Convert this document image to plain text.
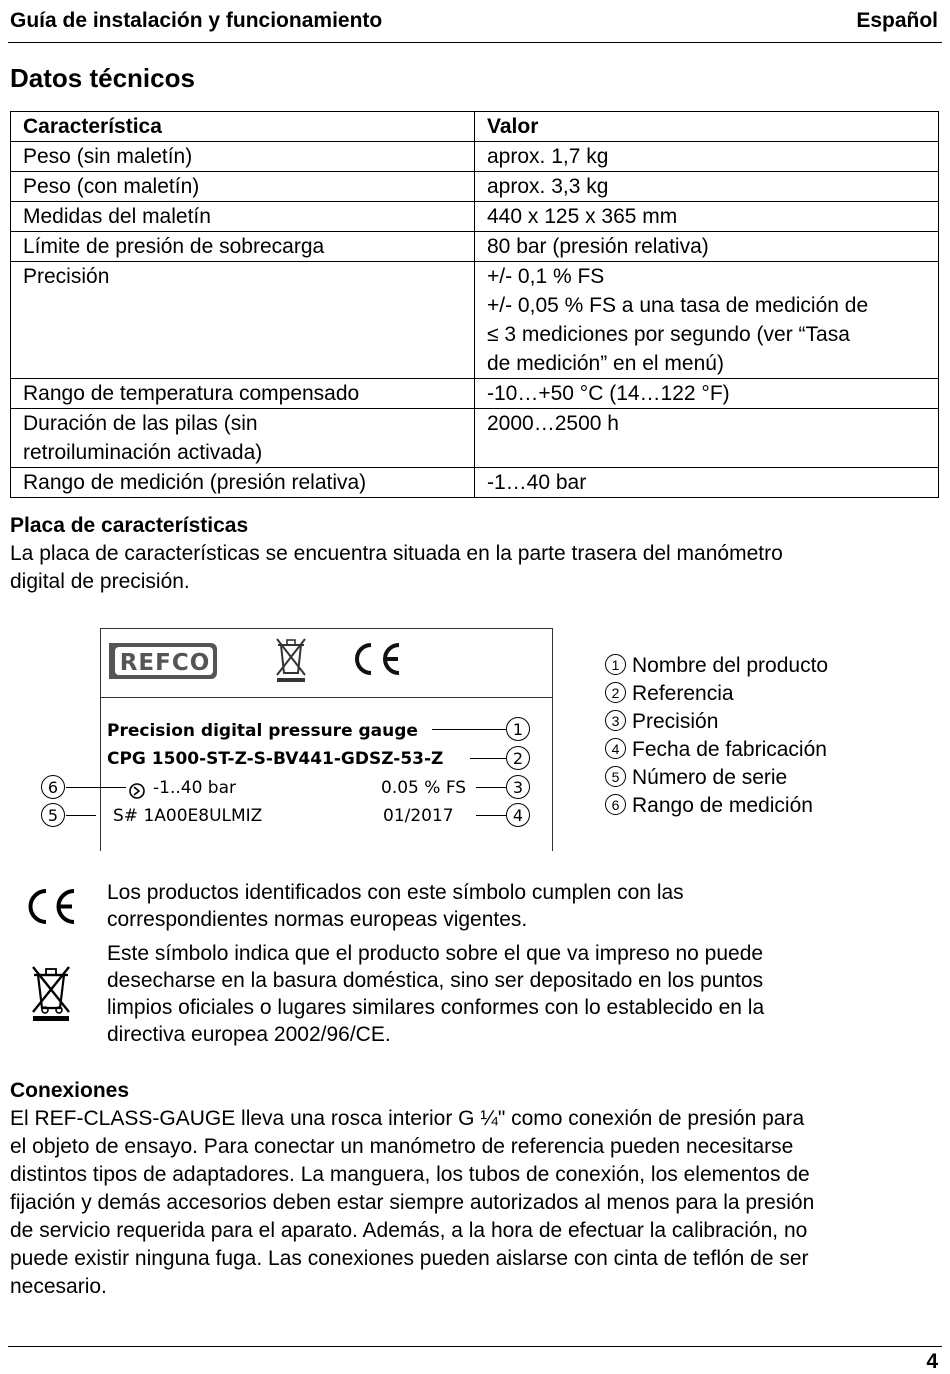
Guía de instalación y funcionamiento	Español
Datos técnicos
Característica	Valor

Peso (sin maletín)	aprox. 1,7 kg

Peso (con maletín)	aprox. 3,3 kg

Medidas del maletín	440 x 125 x 365 mm

Límite de presión de sobrecarga	80 bar (presión relativa)

Precisión	+/- 0,1 % FS
+/- 0,05 % FS a una tasa de medición de
≤ 3 mediciones por segundo (ver “Tasa
de medición” en el menú)

Rango de temperatura compensado	-10…+50 °C (14…122 °F)

Duración de las pilas (sin
retroiluminación activada)	2000…2500 h

Rango de medición (presión relativa)	-1…40 bar
Placa de características
La placa de características se encuentra situada en la parte trasera del manómetro
digital de precisión.
REFCO
Precision digital pressure gauge
CPG 1500-ST-Z-S-BV441-GDSZ-53-Z
-1..40 bar	0.05 % FS
S# 1A00E8ULMIZ	01/2017
1
2
3
4
5
6
1 Nombre del producto
2 Referencia
3 Precisión
4 Fecha de fabricación
5 Número de serie
6 Rango de medición
Los productos identificados con este símbolo cumplen con las
correspondientes normas europeas vigentes.
Este símbolo indica que el producto sobre el que va impreso no puede
desecharse en la basura doméstica, sino ser depositado en los puntos
limpios oficiales o lugares similares conformes con lo establecido en la
directiva europea 2002/96/CE.
Conexiones
El REF-CLASS-GAUGE lleva una rosca interior G ¼" como conexión de presión para
el objeto de ensayo. Para conectar un manómetro de referencia pueden necesitarse
distintos tipos de adaptadores. La manguera, los tubos de conexión, los elementos de
fijación y demás accesorios deben estar siempre autorizados al menos para la presión
de servicio requerida para el aparato. Además, a la hora de efectuar la calibración, no
puede existir ninguna fuga. Las conexiones pueden aislarse con cinta de teflón de ser
necesario.
4
